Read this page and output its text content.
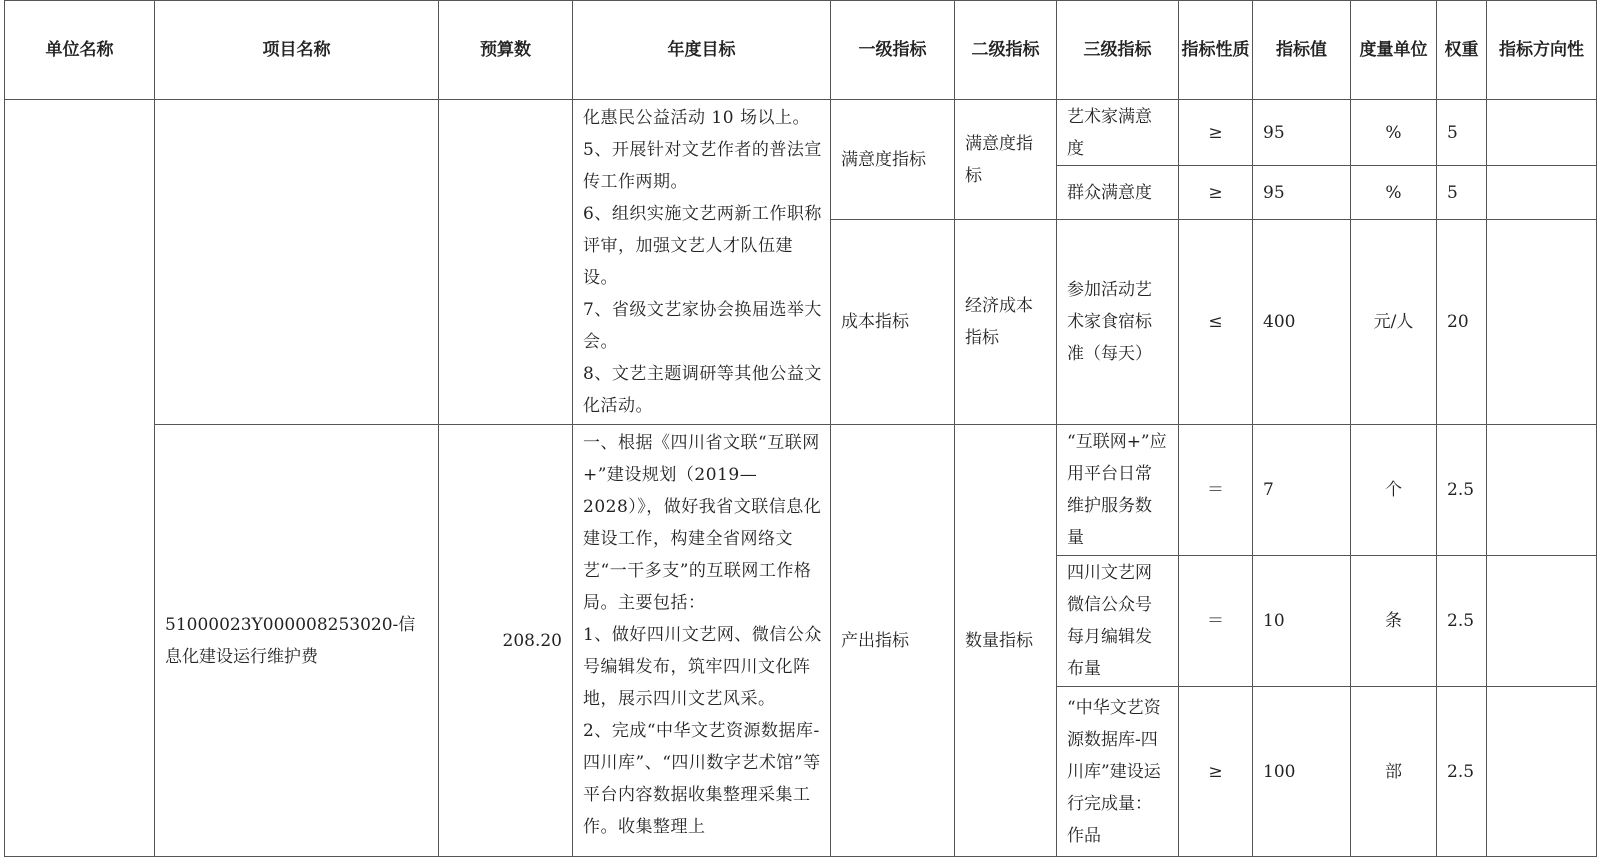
单位名称	项目名称	预算数	年度目标	一级指标	二级指标	三级指标	指标性质	指标值	度量单位	权重	指标方向性

			化惠民公益活动 10 场以上。
5、开展针对文艺作者的普法宣传工作两期。
6、组织实施文艺两新工作职称评审，加强文艺人才队伍建设。
7、省级文艺家协会换届选举大会。
8、文艺主题调研等其他公益文化活动。	满意度指标	满意度指标	艺术家满意度	≥	95	%	5	
						群众满意度	≥	95	%	5	
				成本指标	经济成本指标	参加活动艺术家食宿标准（每天）	≤	400	元/人	20	
	51000023Y000008253020-信息化建设运行维护费	208.20	一、根据《四川省文联“互联网+”建设规划（2019—2028）》，做好我省文联信息化建设工作，构建全省网络文艺“一干多支”的互联网工作格局。主要包括：
1、做好四川文艺网、微信公众号编辑发布，筑牢四川文化阵地，展示四川文艺风采。
2、完成“中华文艺资源数据库-四川库”、“四川数字艺术馆”等平台内容数据收集整理采集工作。收集整理上	产出指标	数量指标	“互联网+”应用平台日常维护服务数量	＝	7	个	2.5	
						四川文艺网微信公众号每月编辑发布量	＝	10	条	2.5	
						“中华文艺资源数据库-四川库”建设运行完成量：作品	≥	100	部	2.5	
